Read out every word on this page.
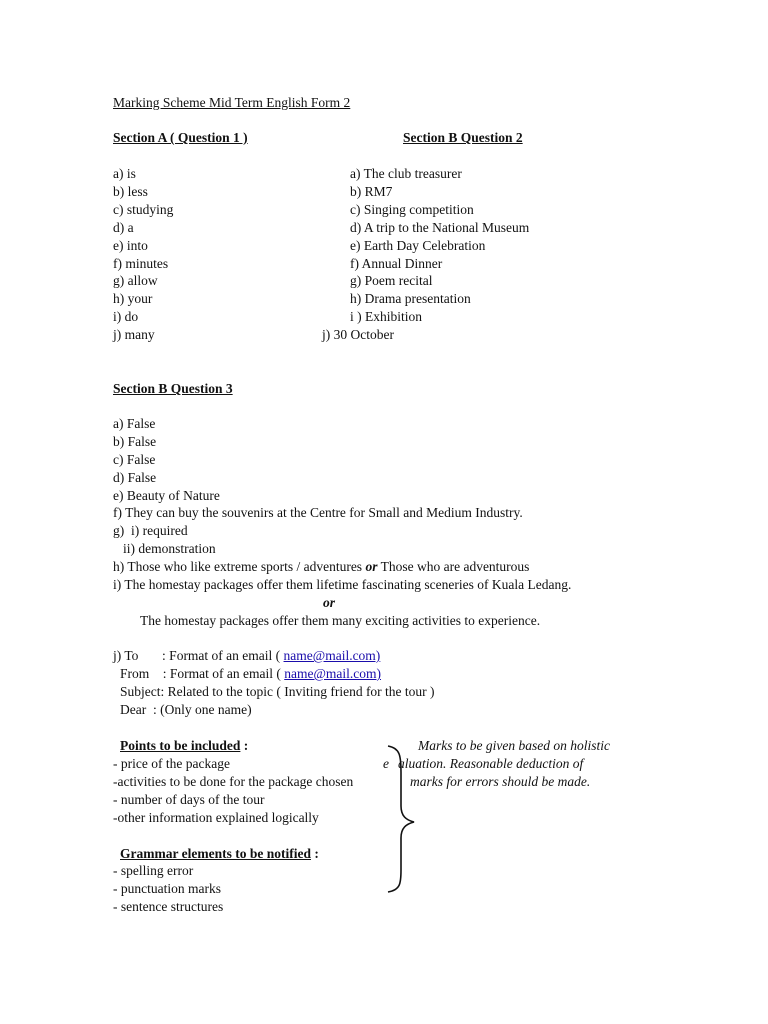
Marking Scheme Mid Term English Form 2
Section A ( Question 1 )	Section B Question 2
a) is
b) less
c) studying
d) a
e) into
f) minutes
g) allow
h) your
i) do
j) many
a) The club treasurer
b) RM7
c) Singing competition
d) A trip to the National Museum
e) Earth Day Celebration
f) Annual Dinner
g) Poem recital
h) Drama presentation
i ) Exhibition
j) 30 October
Section B Question 3
a) False
b) False
c) False
d) False
e) Beauty of Nature
f) They can buy the souvenirs at the Centre for Small and Medium Industry.
g)  i) required
ii) demonstration
h) Those who like extreme sports / adventures or Those who are adventurous
i) The homestay packages offer them lifetime fascinating sceneries of Kuala Ledang.
or
The homestay packages offer them many exciting activities to experience.
j) To       : Format of an email ( name@mail.com)
From    : Format of an email ( name@mail.com)
Subject: Related to the topic ( Inviting friend for the tour )
Dear  : (Only one name)
Points to be included :
- price of the package
-activities to be done for the package chosen
- number of days of the tour
-other information explained logically
Grammar elements to be notified :
- spelling error
- punctuation marks
- sentence structures
Marks to be given based on holistic
e aluation. Reasonable deduction of
marks for errors should be made.
